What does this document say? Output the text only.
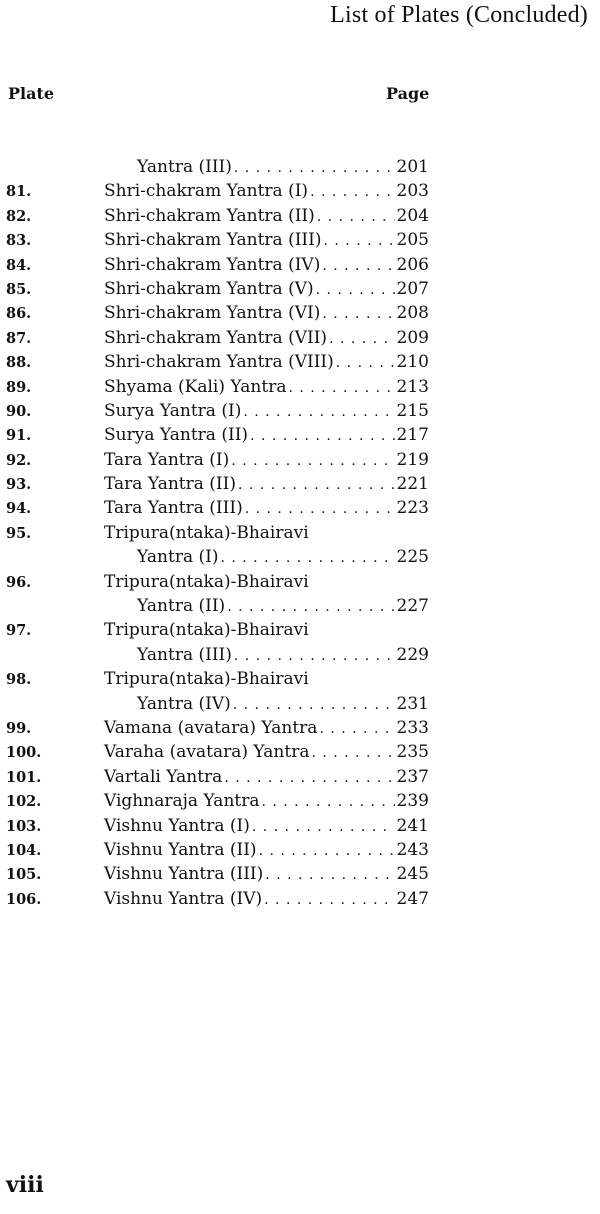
List of Plates (Concluded)
Plate	Page
Yantra (III) . . .	201
81.	Shri-chakram Yantra (I) . . .	203
82.	Shri-chakram Yantra (II) . . .	204
83.	Shri-chakram Yantra (III) . . .	205
84.	Shri-chakram Yantra (IV) . . .	206
85.	Shri-chakram Yantra (V) . . .	207
86.	Shri-chakram Yantra (VI) . . .	208
87.	Shri-chakram Yantra (VII) . . .	209
88.	Shri-chakram Yantra (VIII) . . .	210
89.	Shyama (Kali) Yantra . . .	213
90.	Surya Yantra (I) . . .	215
91.	Surya Yantra (II) . . .	217
92.	Tara Yantra (I) . . .	219
93.	Tara Yantra (II) . . .	221
94.	Tara Yantra (III) . . .	223
95.	Tripura(ntaka)-Bhairavi
Yantra (I) . . .	225
96.	Tripura(ntaka)-Bhairavi
Yantra (II) . . .	227
97.	Tripura(ntaka)-Bhairavi
Yantra (III) . . .	229
98.	Tripura(ntaka)-Bhairavi
Yantra (IV) . . .	231
99.	Vamana (avatara) Yantra . . .	233
100.	Varaha (avatara) Yantra . . .	235
101.	Vartali Yantra . . .	237
102.	Vighnaraja Yantra . . .	239
103.	Vishnu Yantra (I) . . .	241
104.	Vishnu Yantra (II) . . .	243
105.	Vishnu Yantra (III) . . .	245
106.	Vishnu Yantra (IV) . . .	247
viii
